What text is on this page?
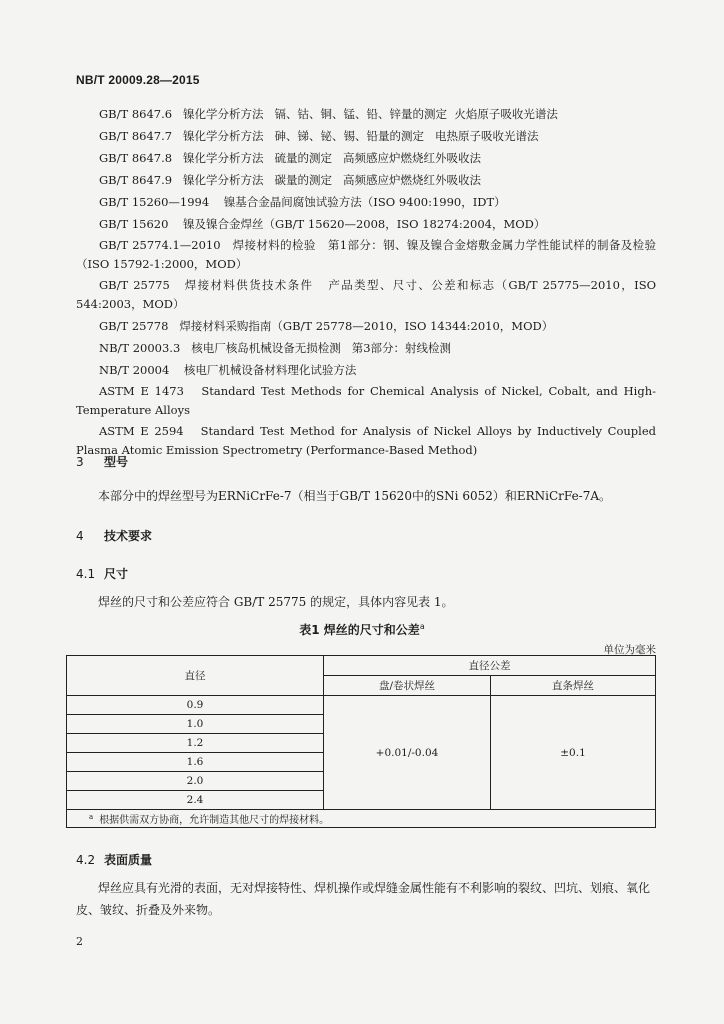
NB/T 20009.28—2015

GB/T 8647.6   镍化学分析方法   镉、钴、铜、锰、铅、锌量的测定  火焰原子吸收光谱法

GB/T 8647.7   镍化学分析方法   砷、锑、铋、锡、铅量的测定   电热原子吸收光谱法

GB/T 8647.8   镍化学分析方法   硫量的测定   高频感应炉燃烧红外吸收法

GB/T 8647.9   镍化学分析方法   碳量的测定   高频感应炉燃烧红外吸收法

GB/T 15260—1994    镍基合金晶间腐蚀试验方法（ISO 9400:1990，IDT）

GB/T 15620    镍及镍合金焊丝（GB/T 15620—2008，ISO 18274:2004，MOD）

GB/T 25774.1—2010   焊接材料的检验   第1部分：钢、镍及镍合金熔敷金属力学性能试样的制备及检验（ISO 15792-1:2000，MOD）

GB/T 25775   焊接材料供货技术条件   产品类型、尺寸、公差和标志（GB/T 25775—2010，ISO 544:2003，MOD）

GB/T 25778   焊接材料采购指南（GB/T 25778—2010，ISO 14344:2010，MOD）

NB/T 20003.3   核电厂核岛机械设备无损检测   第3部分：射线检测

NB/T 20004    核电厂机械设备材料理化试验方法

ASTM E 1473   Standard Test Methods for Chemical Analysis of Nickel, Cobalt, and High-Temperature Alloys

ASTM E 2594   Standard Test Method for Analysis of Nickel Alloys by Inductively Coupled Plasma Atomic Emission Spectrometry (Performance-Based Method)

3 型号
本部分中的焊丝型号为ERNiCrFe-7（相当于GB/T 15620中的SNi 6052）和ERNiCrFe-7A。
4 技术要求
4.1 尺寸
焊丝的尺寸和公差应符合 GB/T 25775 的规定，具体内容见表 1。
表1 焊丝的尺寸和公差$^a$
单位为毫米
直径	直径公差	
	盘/卷状焊丝	直条焊丝
0.9	+0.01/-0.04	±0.1
1.0		
1.2		
1.6		
2.0		
2.4		
$^a$ 根据供需双方协商，允许制造其他尺寸的焊接材料。		
4.2 表面质量
焊丝应具有光滑的表面，无对焊接特性、焊机操作或焊缝金属性能有不利影响的裂纹、凹坑、划痕、氧化皮、皱纹、折叠及外来物。
2
